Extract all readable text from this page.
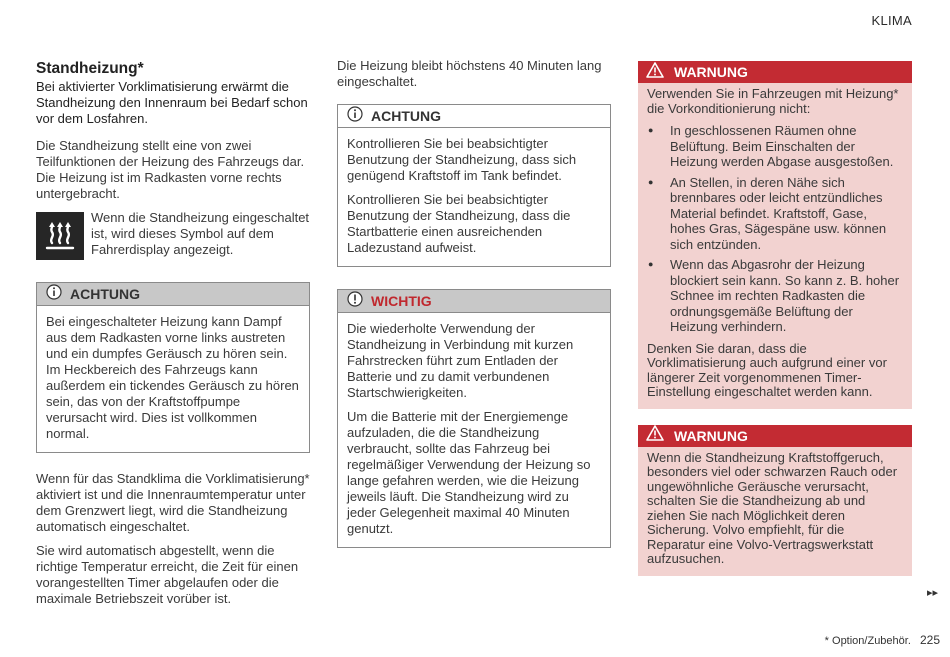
KLIMA
Standheizung*
Bei aktivierter Vorklimatisierung erwärmt die Standheizung den Innenraum bei Bedarf schon vor dem Losfahren.

Die Standheizung stellt eine von zwei Teilfunktionen der Heizung des Fahrzeugs dar. Die Heizung ist im Radkasten vorne rechts untergebracht.

Wenn die Standheizung eingeschaltet ist, wird dieses Symbol auf dem Fahrerdisplay angezeigt.

ACHTUNG

Bei eingeschalteter Heizung kann Dampf aus dem Radkasten vorne links austreten und ein dumpfes Geräusch zu hören sein. Im Heckbereich des Fahrzeugs kann außerdem ein tickendes Geräusch zu hören sein, das von der Kraftstoffpumpe verursacht wird. Dies ist vollkommen normal.

Wenn für das Standklima die Vorklimatisierung* aktiviert ist und die Innenraumtemperatur unter dem Grenzwert liegt, wird die Standheizung automatisch eingeschaltet.

Sie wird automatisch abgestellt, wenn die richtige Temperatur erreicht, die Zeit für einen vorangestellten Timer abgelaufen oder die maximale Betriebszeit vorüber ist.

Die Heizung bleibt höchstens 40 Minuten lang eingeschaltet.

ACHTUNG

Kontrollieren Sie bei beabsichtigter Benutzung der Standheizung, dass sich genügend Kraftstoff im Tank befindet.

Kontrollieren Sie bei beabsichtigter Benutzung der Standheizung, dass die Startbatterie einen ausreichenden Ladezustand aufweist.

WICHTIG

Die wiederholte Verwendung der Standheizung in Verbindung mit kurzen Fahrstrecken führt zum Entladen der Batterie und zu damit verbundenen Startschwierigkeiten.

Um die Batterie mit der Energiemenge aufzuladen, die die Standheizung verbraucht, sollte das Fahrzeug bei regelmäßiger Verwendung der Heizung so lange gefahren werden, wie die Heizung jeweils läuft. Die Standheizung wird zu jeder Gelegenheit maximal 40 Minuten genutzt.

WARNUNG

Verwenden Sie in Fahrzeugen mit Heizung* die Vorkonditionierung nicht:

● In geschlossenen Räumen ohne Belüftung. Beim Einschalten der Heizung werden Abgase ausgestoßen.
● An Stellen, in deren Nähe sich brennbares oder leicht entzündliches Material befindet. Kraftstoff, Gase, hohes Gras, Sägespäne usw. können sich entzünden.
● Wenn das Abgasrohr der Heizung blockiert sein kann. So kann z. B. hoher Schnee im rechten Radkasten die ordnungsgemäße Belüftung der Heizung verhindern.

Denken Sie daran, dass die Vorklimatisierung auch aufgrund einer vor längerer Zeit vorgenommenen Timer-Einstellung eingeschaltet werden kann.

WARNUNG

Wenn die Standheizung Kraftstoffgeruch, besonders viel oder schwarzen Rauch oder ungewöhnliche Geräusche verursacht, schalten Sie die Standheizung ab und ziehen Sie nach Möglichkeit deren Sicherung. Volvo empfiehlt, für die Reparatur eine Volvo-Vertragswerkstatt aufzusuchen.

▸▸
* Option/Zubehör. 225
